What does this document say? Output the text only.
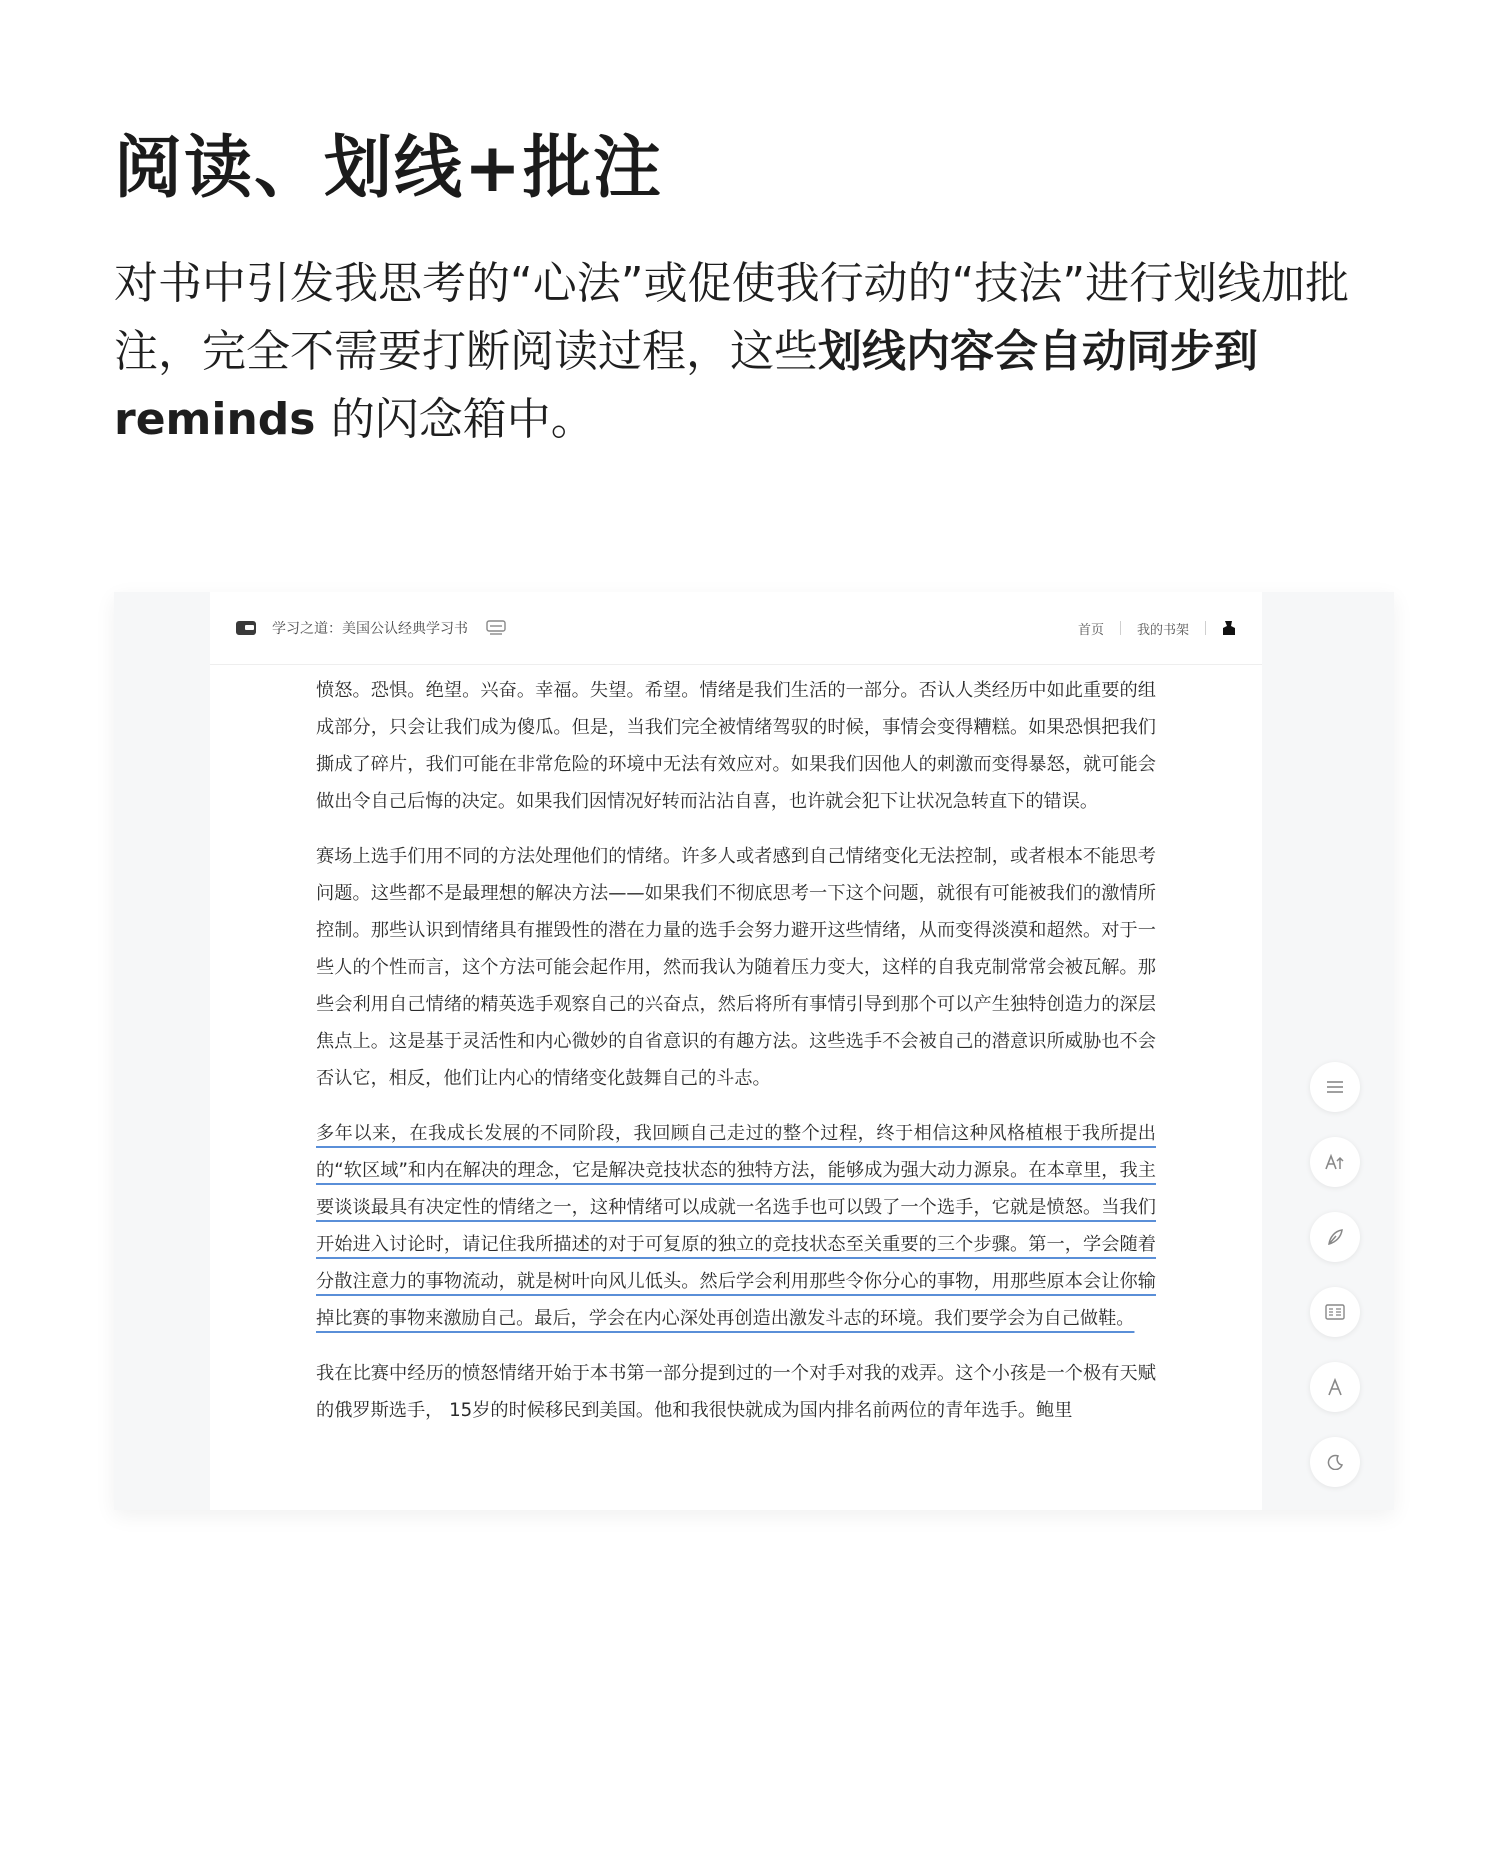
阅读、划线+批注

对书中引发我思考的“心法”或促使我行动的“技法”进行划线加批注，完全不需要打断阅读过程，这些划线内容会自动同步到 reminds 的闪念箱中。

学习之道：美国公认经典学习书	首页	我的书架

愤怒。恐惧。绝望。兴奋。幸福。失望。希望。情绪是我们生活的一部分。否认人类经历中如此重要的组成部分，只会让我们成为傻瓜。但是，当我们完全被情绪驾驭的时候，事情会变得糟糕。如果恐惧把我们撕成了碎片，我们可能在非常危险的环境中无法有效应对。如果我们因他人的刺激而变得暴怒，就可能会做出令自己后悔的决定。如果我们因情况好转而沾沾自喜，也许就会犯下让状况急转直下的错误。

赛场上选手们用不同的方法处理他们的情绪。许多人或者感到自己情绪变化无法控制，或者根本不能思考问题。这些都不是最理想的解决方法——如果我们不彻底思考一下这个问题，就很有可能被我们的激情所控制。那些认识到情绪具有摧毁性的潜在力量的选手会努力避开这些情绪，从而变得淡漠和超然。对于一些人的个性而言，这个方法可能会起作用，然而我认为随着压力变大，这样的自我克制常常会被瓦解。那些会利用自己情绪的精英选手观察自己的兴奋点，然后将所有事情引导到那个可以产生独特创造力的深层焦点上。这是基于灵活性和内心微妙的自省意识的有趣方法。这些选手不会被自己的潜意识所威胁也不会否认它，相反，他们让内心的情绪变化鼓舞自己的斗志。

多年以来，在我成长发展的不同阶段，我回顾自己走过的整个过程，终于相信这种风格植根于我所提出的“软区域”和内在解决的理念，它是解决竞技状态的独特方法，能够成为强大动力源泉。在本章里，我主要谈谈最具有决定性的情绪之一，这种情绪可以成就一名选手也可以毁了一个选手，它就是愤怒。当我们开始进入讨论时，请记住我所描述的对于可复原的独立的竞技状态至关重要的三个步骤。第一，学会随着分散注意力的事物流动，就是树叶向风儿低头。然后学会利用那些令你分心的事物，用那些原本会让你输掉比赛的事物来激励自己。最后，学会在内心深处再创造出激发斗志的环境。我们要学会为自己做鞋。

我在比赛中经历的愤怒情绪开始于本书第一部分提到过的一个对手对我的戏弄。这个小孩是一个极有天赋的俄罗斯选手， 15岁的时候移民到美国。他和我很快就成为国内排名前两位的青年选手。鲍里
